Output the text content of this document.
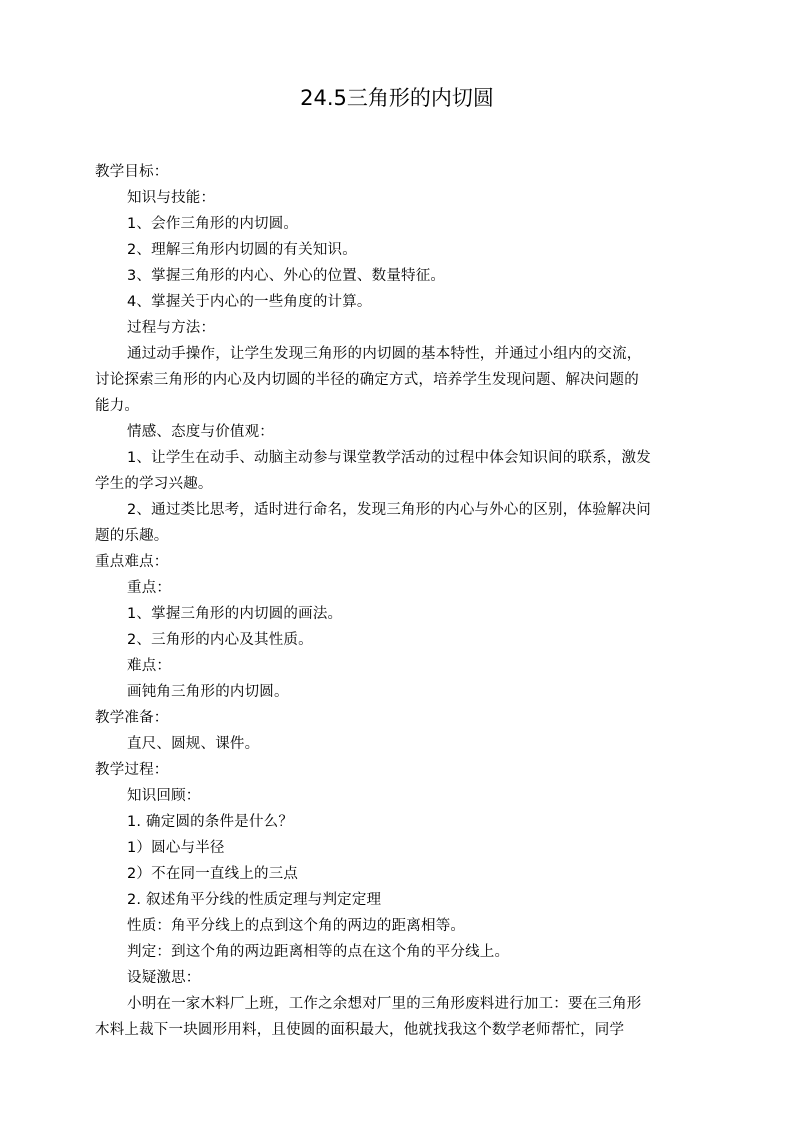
24.5三角形的内切圆
教学目标：
知识与技能：
1、会作三角形的内切圆。
2、理解三角形内切圆的有关知识。
3、掌握三角形的内心、外心的位置、数量特征。
4、掌握关于内心的一些角度的计算。
过程与方法：
通过动手操作，让学生发现三角形的内切圆的基本特性，并通过小组内的交流，
讨论探索三角形的内心及内切圆的半径的确定方式，培养学生发现问题、解决问题的
能力。
情感、态度与价值观：
1、让学生在动手、动脑主动参与课堂教学活动的过程中体会知识间的联系，激发
学生的学习兴趣。
2、通过类比思考，适时进行命名，发现三角形的内心与外心的区别，体验解决问
题的乐趣。
重点难点：
重点：
1、掌握三角形的内切圆的画法。
2、三角形的内心及其性质。
难点：
画钝角三角形的内切圆。
教学准备：
直尺、圆规、课件。
教学过程：
知识回顾：
1. 确定圆的条件是什么？
1）圆心与半径
2）不在同一直线上的三点
2. 叙述角平分线的性质定理与判定定理
性质：角平分线上的点到这个角的两边的距离相等。
判定：到这个角的两边距离相等的点在这个角的平分线上。
设疑激思：
小明在一家木料厂上班，工作之余想对厂里的三角形废料进行加工：要在三角形
木料上裁下一块圆形用料，且使圆的面积最大，他就找我这个数学老师帮忙，同学
